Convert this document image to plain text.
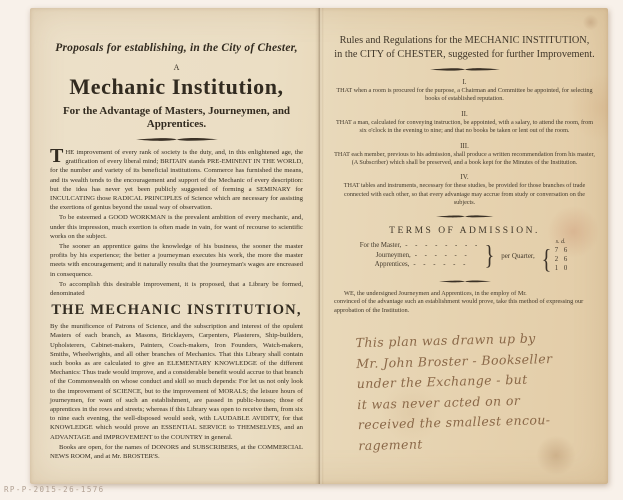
Proposals for establishing, in the City of Chester,
A
Mechanic Institution,
For the Advantage of Masters, Journeymen, and
Apprentices.

THE improvement of every rank of society is the duty, and, in this enlightened age, the gratification of every liberal mind; BRITAIN stands PRE-EMINENT IN THE WORLD, for the number and variety of its beneficial institutions. Commerce has furnished the means, and its wealth tends to the encouragement and support of the Mechanic of every description: but the idea has never yet been publicly suggested of forming a SEMINARY for INCULCATING those RADICAL PRINCIPLES of Science which are necessary for assisting the exertions of genius beyond the usual way of observation.

To be esteemed a GOOD WORKMAN is the prevalent ambition of every mechanic, and, under this impression, much exertion is often made in vain, for want of recourse to scientific works on the subject.

The sooner an apprentice gains the knowledge of his business, the sooner the master profits by his experience; the better a journeyman executes his work, the more the master meets with encouragement; and it naturally results that the journeyman's wages are encreased in consequence.

To accomplish this desirable improvement, it is proposed, that a Library be formed, denominated

THE MECHANIC INSTITUTION,

By the munificence of Patrons of Science, and the subscription and interest of the opulent Masters of each branch, as Masons, Bricklayers, Carpenters, Plasterers, Ship-builders, Upholsterers, Cabinet-makers, Painters, Coach-makers, Iron Founders, Watch-makers, Smiths, Wheelwrights, and all other branches of Mechanics. That this Library shall contain such books as are calculated to give an ELEMENTARY KNOWLEDGE of the different Mechanics: Thus trade would improve, and a considerable benefit would accrue to that branch of the Commonwealth on whose conduct and skill so much depends: For let us not only look to the improvement of SCIENCE, but to the improvement of MORALS; the leisure hours of journeymen, for want of such an establishment, are passed in public-houses; those of apprentices in the rows and streets; whereas if this Library was open to receive them, from six to nine each evening, the well-disposed would seek, with LAUDABLE AVIDITY, for that KNOWLEDGE which would prove an ESSENTIAL SERVICE to THEMSELVES, and an ADVANTAGE and IMPROVEMENT to the COUNTRY in general.

Books are open, for the names of DONORS and SUBSCRIBERS, at the COMMERCIAL NEWS ROOM, and at Mr. BROSTER'S.

Rules and Regulations for the MECHANIC INSTITUTION,
in the CITY of CHESTER, suggested for further Improvement.
I.
THAT when a room is procured for the purpose, a Chairman and Committee be appointed, for selecting books of established reputation.
II.
THAT a man, calculated for conveying instruction, be appointed, with a salary, to attend the room, from six o'clock in the evening to nine; and that no books be taken or lent out of the room.
III.
THAT each member, previous to his admission, shall produce a written recommendation from his master, (A Subscriber) which shall be preserved, and a book kept for the Minutes of the Institution.
IV.
THAT tables and instruments, necessary for these studies, be provided for those branches of trade connected with each other, so that every advantage may accrue from study or conversation on the subjects.
TERMS OF ADMISSION.
For the Master, - - - - - - - -
Journeymen, - - - - - -
Apprentices, - - - - - - } per Quarter,
s. d.
{ 7 6
2 6
1 0
WE, the undersigned Journeymen and Apprentices, in the employ of Mr.
convinced of the advantage such an establishment would prove, take this method of expressing our approbation of the Institution.
This plan was drawn up by
Mr. John Broster - Bookseller
under the Exchange - but
it was never acted on or
received the smallest encou-
ragement
RP-P-2015-26-1576
